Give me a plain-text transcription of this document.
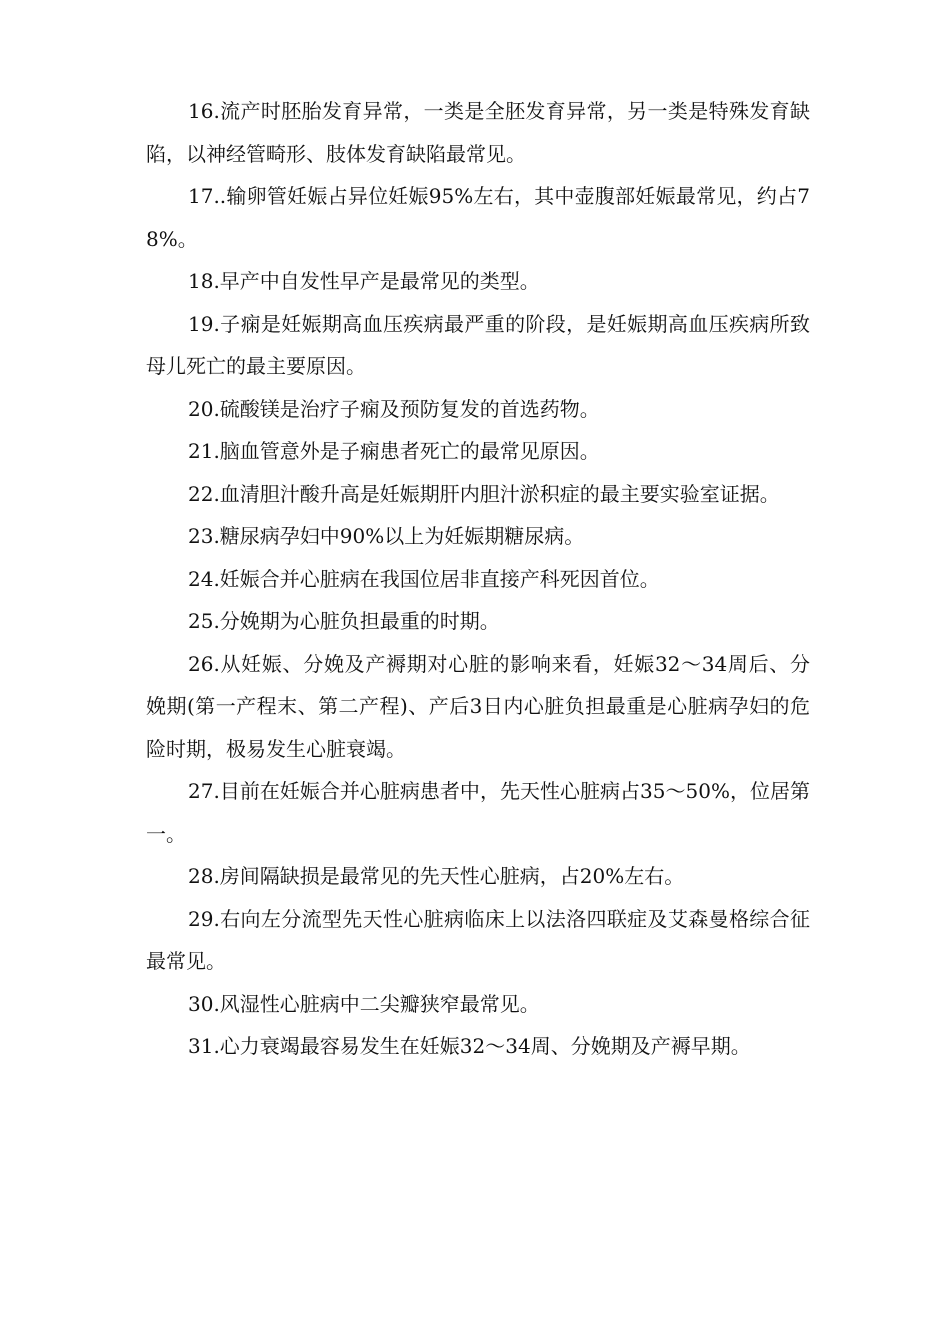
16.流产时胚胎发育异常，一类是全胚发育异常，另一类是特殊发育缺陷，以神经管畸形、肢体发育缺陷最常见。

17..输卵管妊娠占异位妊娠95%左右，其中壶腹部妊娠最常见，约占78%。

18.早产中自发性早产是最常见的类型。

19.子痫是妊娠期高血压疾病最严重的阶段，是妊娠期高血压疾病所致母儿死亡的最主要原因。

20.硫酸镁是治疗子痫及预防复发的首选药物。

21.脑血管意外是子痫患者死亡的最常见原因。

22.血清胆汁酸升高是妊娠期肝内胆汁淤积症的最主要实验室证据。

23.糖尿病孕妇中90%以上为妊娠期糖尿病。

24.妊娠合并心脏病在我国位居非直接产科死因首位。

25.分娩期为心脏负担最重的时期。

26.从妊娠、分娩及产褥期对心脏的影响来看，妊娠32～34周后、分娩期(第一产程末、第二产程)、产后3日内心脏负担最重是心脏病孕妇的危险时期，极易发生心脏衰竭。

27.目前在妊娠合并心脏病患者中，先天性心脏病占35～50%，位居第一。

28.房间隔缺损是最常见的先天性心脏病，占20%左右。

29.右向左分流型先天性心脏病临床上以法洛四联症及艾森曼格综合征最常见。

30.风湿性心脏病中二尖瓣狭窄最常见。

31.心力衰竭最容易发生在妊娠32～34周、分娩期及产褥早期。
